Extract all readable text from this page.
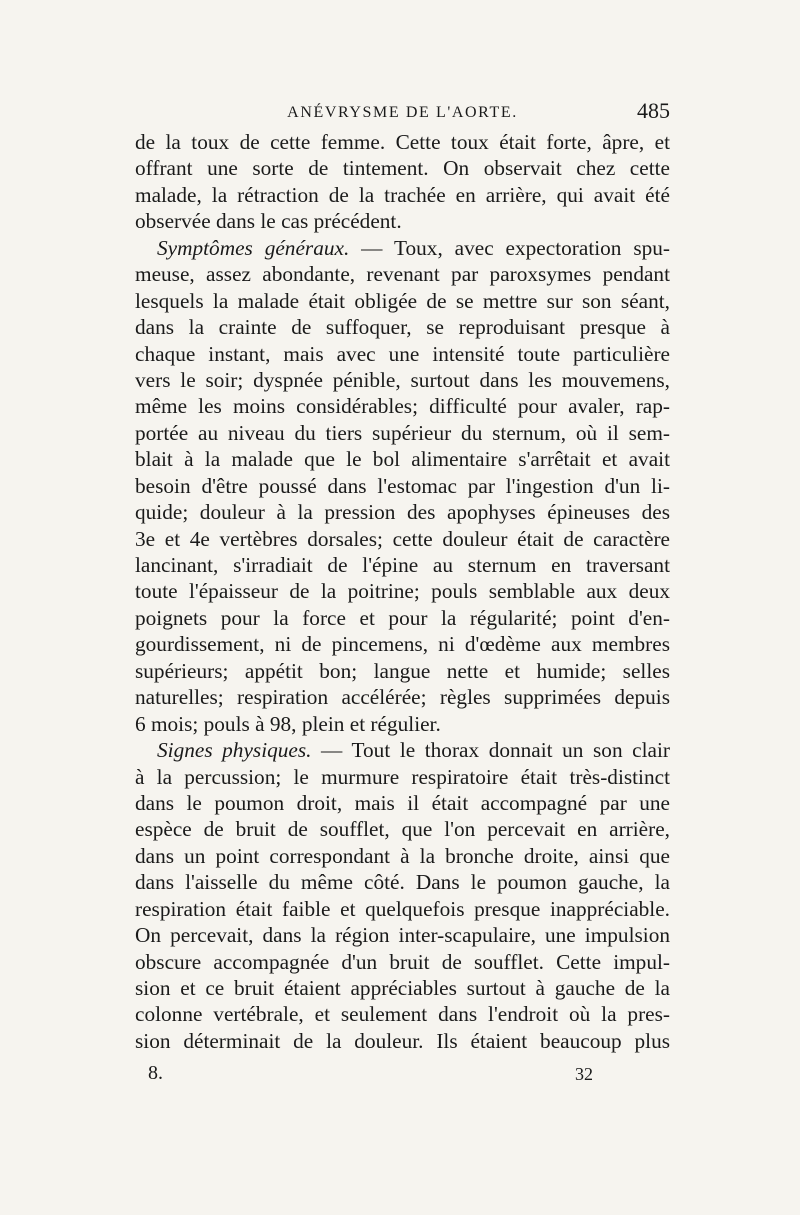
ANÉVRYSME DE L'AORTE.	485
de la toux de cette femme. Cette toux était forte, âpre, et
offrant une sorte de tintement. On observait chez cette
malade, la rétraction de la trachée en arrière, qui avait été
observée dans le cas précédent.
Symptômes généraux. — Toux, avec expectoration spu-
meuse, assez abondante, revenant par paroxsymes pendant
lesquels la malade était obligée de se mettre sur son séant,
dans la crainte de suffoquer, se reproduisant presque à
chaque instant, mais avec une intensité toute particulière
vers le soir; dyspnée pénible, surtout dans les mouvemens,
même les moins considérables; difficulté pour avaler, rap-
portée au niveau du tiers supérieur du sternum, où il sem-
blait à la malade que le bol alimentaire s'arrêtait et avait
besoin d'être poussé dans l'estomac par l'ingestion d'un li-
quide; douleur à la pression des apophyses épineuses des
3e et 4e vertèbres dorsales; cette douleur était de caractère
lancinant, s'irradiait de l'épine au sternum en traversant
toute l'épaisseur de la poitrine; pouls semblable aux deux
poignets pour la force et pour la régularité; point d'en-
gourdissement, ni de pincemens, ni d'œdème aux membres
supérieurs; appétit bon; langue nette et humide; selles
naturelles; respiration accélérée; règles supprimées depuis
6 mois; pouls à 98, plein et régulier.
Signes physiques. — Tout le thorax donnait un son clair
à la percussion; le murmure respiratoire était très-distinct
dans le poumon droit, mais il était accompagné par une
espèce de bruit de soufflet, que l'on percevait en arrière,
dans un point correspondant à la bronche droite, ainsi que
dans l'aisselle du même côté. Dans le poumon gauche, la
respiration était faible et quelquefois presque inappréciable.
On percevait, dans la région inter-scapulaire, une impulsion
obscure accompagnée d'un bruit de soufflet. Cette impul-
sion et ce bruit étaient appréciables surtout à gauche de la
colonne vertébrale, et seulement dans l'endroit où la pres-
sion déterminait de la douleur. Ils étaient beaucoup plus
8.	32
